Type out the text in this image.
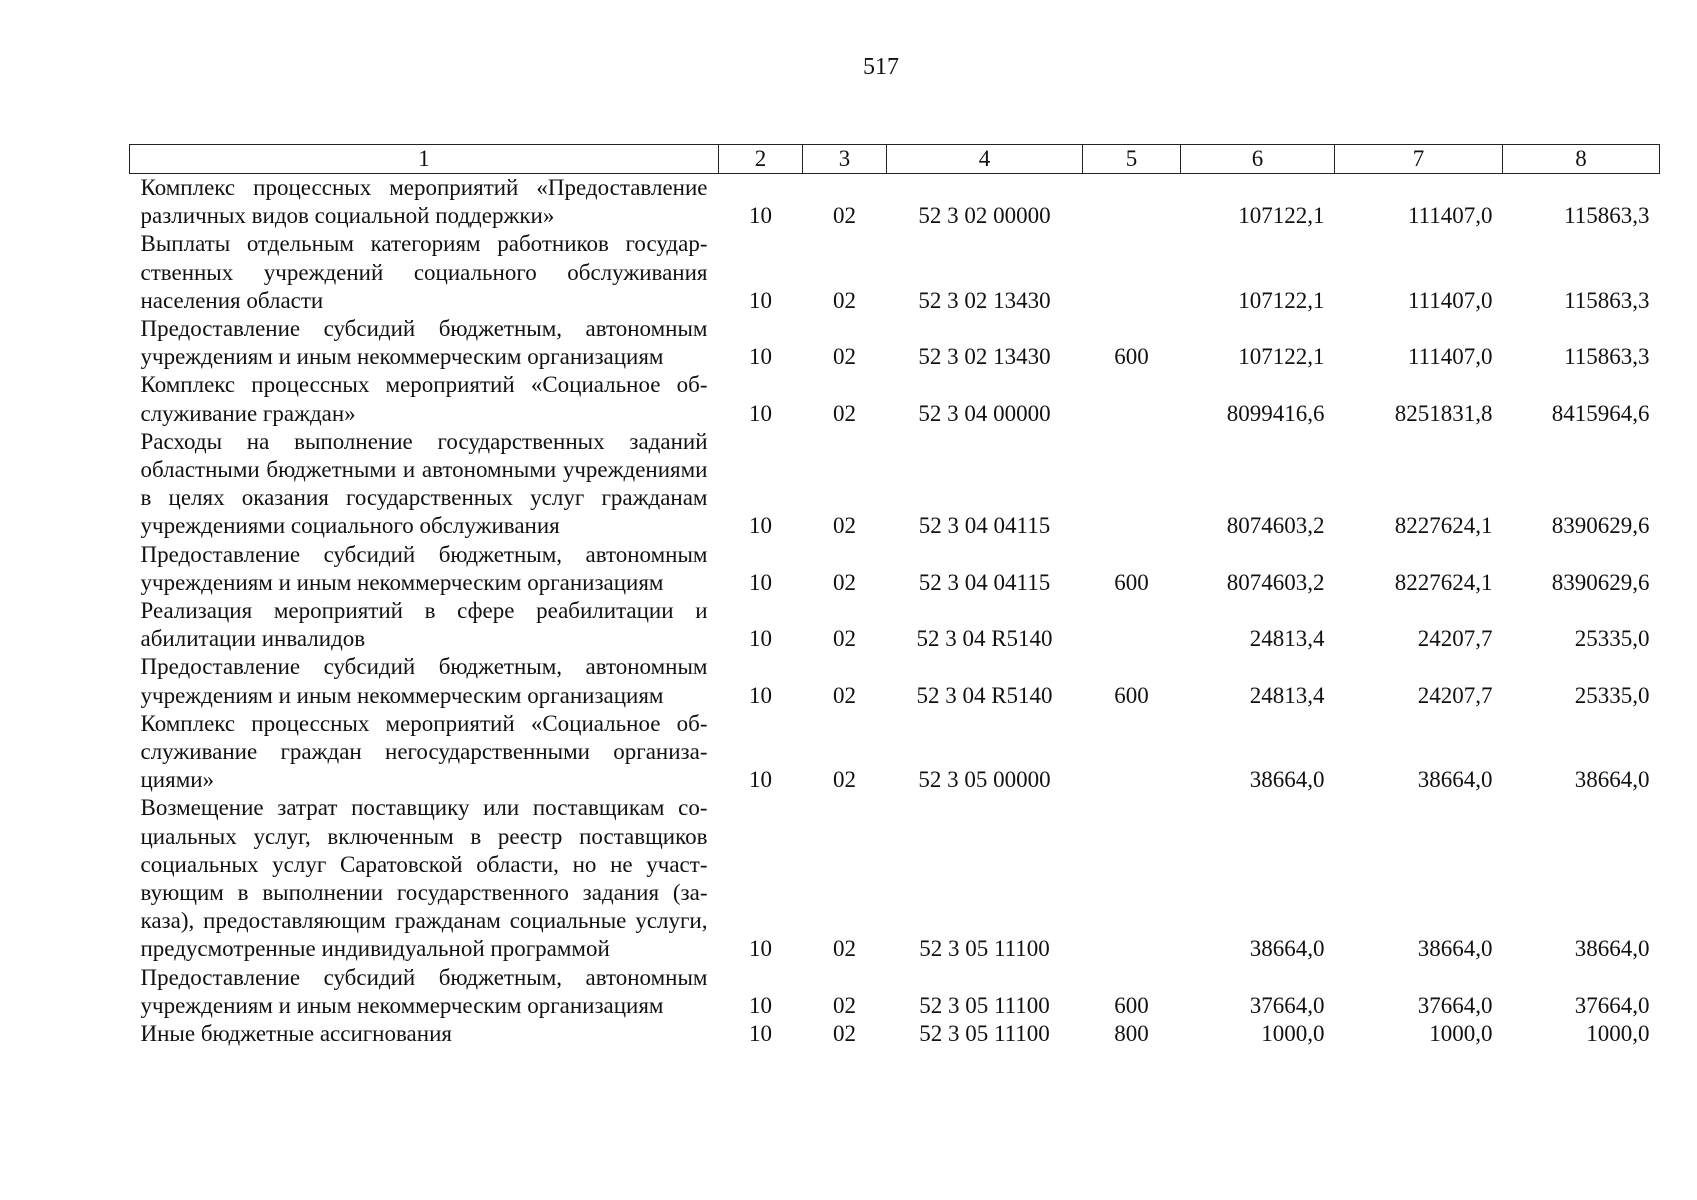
517
1	2	3	4	5	6	7	8
Комплекс процессных мероприятий «Предоставление различных видов социальной поддержки»	10	02	52 3 02 00000		107122,1	111407,0	115863,3
Выплаты отдельным категориям работников государственных учреждений социального обслуживания населения области	10	02	52 3 02 13430		107122,1	111407,0	115863,3
Предоставление субсидий бюджетным, автономным учреждениям и иным некоммерческим организациям	10	02	52 3 02 13430	600	107122,1	111407,0	115863,3
Комплекс процессных мероприятий «Социальное обслуживание граждан»	10	02	52 3 04 00000		8099416,6	8251831,8	8415964,6
Расходы на выполнение государственных заданий областными бюджетными и автономными учреждениями в целях оказания государственных услуг гражданам учреждениями социального обслуживания	10	02	52 3 04 04115		8074603,2	8227624,1	8390629,6
Предоставление субсидий бюджетным, автономным учреждениям и иным некоммерческим организациям	10	02	52 3 04 04115	600	8074603,2	8227624,1	8390629,6
Реализация мероприятий в сфере реабилитации и абилитации инвалидов	10	02	52 3 04 R5140		24813,4	24207,7	25335,0
Предоставление субсидий бюджетным, автономным учреждениям и иным некоммерческим организациям	10	02	52 3 04 R5140	600	24813,4	24207,7	25335,0
Комплекс процессных мероприятий «Социальное обслуживание граждан негосударственными организациями»	10	02	52 3 05 00000		38664,0	38664,0	38664,0
Возмещение затрат поставщику или поставщикам социальных услуг, включенным в реестр поставщиков социальных услуг Саратовской области, но не участвующим в выполнении государственного задания (заказа), предоставляющим гражданам социальные услуги, предусмотренные индивидуальной программой	10	02	52 3 05 11100		38664,0	38664,0	38664,0
Предоставление субсидий бюджетным, автономным учреждениям и иным некоммерческим организациям	10	02	52 3 05 11100	600	37664,0	37664,0	37664,0
Иные бюджетные ассигнования	10	02	52 3 05 11100	800	1000,0	1000,0	1000,0
